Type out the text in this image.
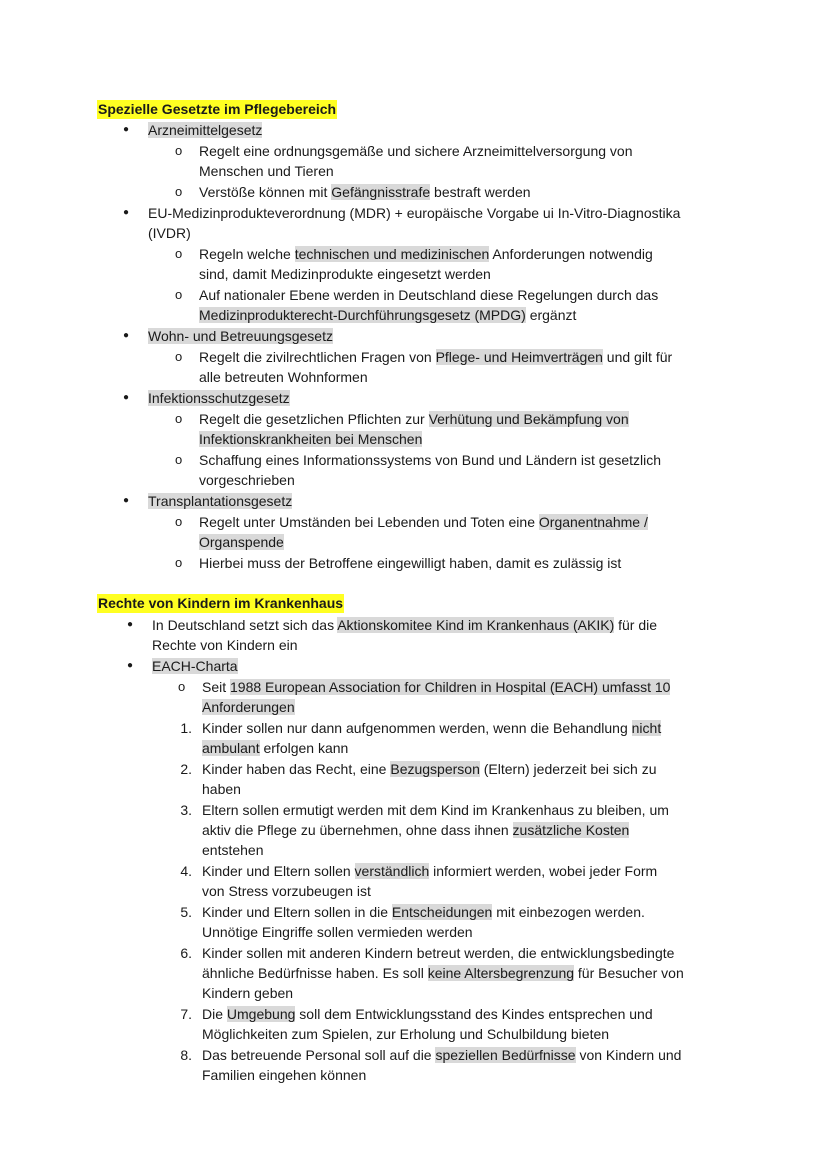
Spezielle Gesetzte im Pflegebereich
● Arzneimittelgesetz
o Regelt eine ordnungsgemäße und sichere Arzneimittelversorgung von
Menschen und Tieren
o Verstöße können mit Gefängnisstrafe bestraft werden
● EU-Medizinprodukteverordnung (MDR) + europäische Vorgabe ui In-Vitro-Diagnostika
(IVDR)
o Regeln welche technischen und medizinischen Anforderungen notwendig
sind, damit Medizinprodukte eingesetzt werden
o Auf nationaler Ebene werden in Deutschland diese Regelungen durch das
Medizinprodukterecht-Durchführungsgesetz (MPDG) ergänzt
● Wohn- und Betreuungsgesetz
o Regelt die zivilrechtlichen Fragen von Pflege- und Heimverträgen und gilt für
alle betreuten Wohnformen
● Infektionsschutzgesetz
o Regelt die gesetzlichen Pflichten zur Verhütung und Bekämpfung von
Infektionskrankheiten bei Menschen
o Schaffung eines Informationssystems von Bund und Ländern ist gesetzlich
vorgeschrieben
● Transplantationsgesetz
o Regelt unter Umständen bei Lebenden und Toten eine Organentnahme /
Organspende
o Hierbei muss der Betroffene eingewilligt haben, damit es zulässig ist
Rechte von Kindern im Krankenhaus
● In Deutschland setzt sich das Aktionskomitee Kind im Krankenhaus (AKIK) für die
Rechte von Kindern ein
● EACH-Charta
o Seit 1988 European Association for Children in Hospital (EACH) umfasst 10
Anforderungen
1. Kinder sollen nur dann aufgenommen werden, wenn die Behandlung nicht
ambulant erfolgen kann
2. Kinder haben das Recht, eine Bezugsperson (Eltern) jederzeit bei sich zu
haben
3. Eltern sollen ermutigt werden mit dem Kind im Krankenhaus zu bleiben, um
aktiv die Pflege zu übernehmen, ohne dass ihnen zusätzliche Kosten
entstehen
4. Kinder und Eltern sollen verständlich informiert werden, wobei jeder Form
von Stress vorzubeugen ist
5. Kinder und Eltern sollen in die Entscheidungen mit einbezogen werden.
Unnötige Eingriffe sollen vermieden werden
6. Kinder sollen mit anderen Kindern betreut werden, die entwicklungsbedingte
ähnliche Bedürfnisse haben. Es soll keine Altersbegrenzung für Besucher von
Kindern geben
7. Die Umgebung soll dem Entwicklungsstand des Kindes entsprechen und
Möglichkeiten zum Spielen, zur Erholung und Schulbildung bieten
8. Das betreuende Personal soll auf die speziellen Bedürfnisse von Kindern und
Familien eingehen können
